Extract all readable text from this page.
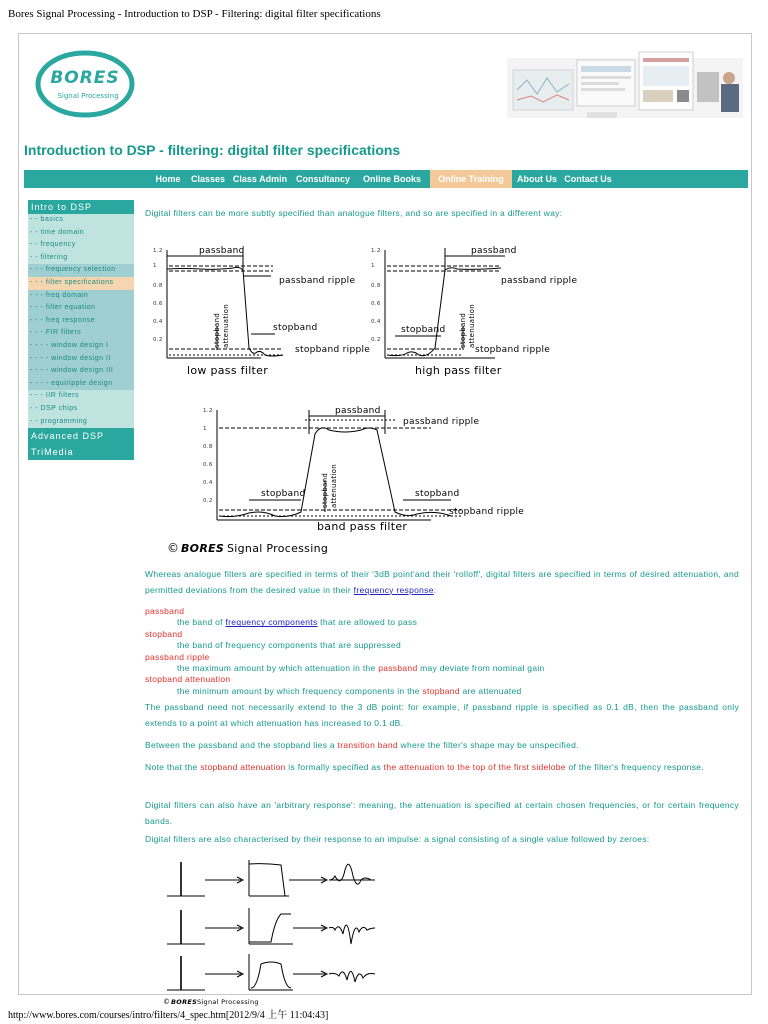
Bores Signal Processing - Introduction to DSP - Filtering: digital filter specifications
BORES
Signal Processing
Introduction to DSP - filtering: digital filter specifications
Home	Classes Class Admin Consultancy	Online Books	Online Training	About Us Contact Us
Intro to DSP
- - basics
- - time domain
- - frequency
- - filtering
- - - frequency selection
- - - filter specifications
- - - freq domain
- - - filter equation
- - - freq response
- - - FIR filters
- - - - window design I
- - - - window design II
- - - - window design III
- - - - equiripple design
- - - IIR filters
- - DSP chips
- - programming
Advanced DSP
TriMedia

Digital filters can be more subtly specified than analogue filters, and so are specified in a different way:

1
0.8
0.6
0.4
0.2
1.2
1
0.8
0.6
0.4
0.2
1.2
1.2
1
0.8
0.6
0.4
0.2
passband
passband ripple
stopband
stopband ripple
low pass filter
passband
passband ripple
stopband
stopband ripple
high pass filter
passband
passband ripple
stopband	stopband
stopband ripple
band pass filter
stopband attenuation	stopband attenuation
stopband attenuation
© BORES Signal Processing

Whereas analogue filters are specified in terms of their '3dB point'and their 'rolloff', digital filters are specified in terms of desired attenuation, and permitted deviations from the desired value in their frequency response:

passband
the band of frequency components that are allowed to pass
stopband
the band of frequency components that are suppressed
passband ripple
the maximum amount by which attenuation in the passband may deviate from nominal gain
stopband attenuation
the minimum amount by which frequency components in the stopband are attenuated

The passband need not necessarily extend to the 3 dB point: for example, if passband ripple is specified as 0.1 dB, then the passband only extends to a point at which attenuation has increased to 0.1 dB.

Between the passband and the stopband lies a transition band where the filter's shape may be unspecified.

Note that the stopband attenuation is formally specified as the attenuation to the top of the first sidelobe of the filter's frequency response.

Digital filters can also have an 'arbitrary response': meaning, the attenuation is specified at certain chosen frequencies, or for certain frequency bands.

Digital filters are also characterised by their response to an impulse: a signal consisting of a single value followed by zeroes:

© BORES Signal Processing
http://www.bores.com/courses/intro/filters/4_spec.htm[2012/9/4 上午 11:04:43]
